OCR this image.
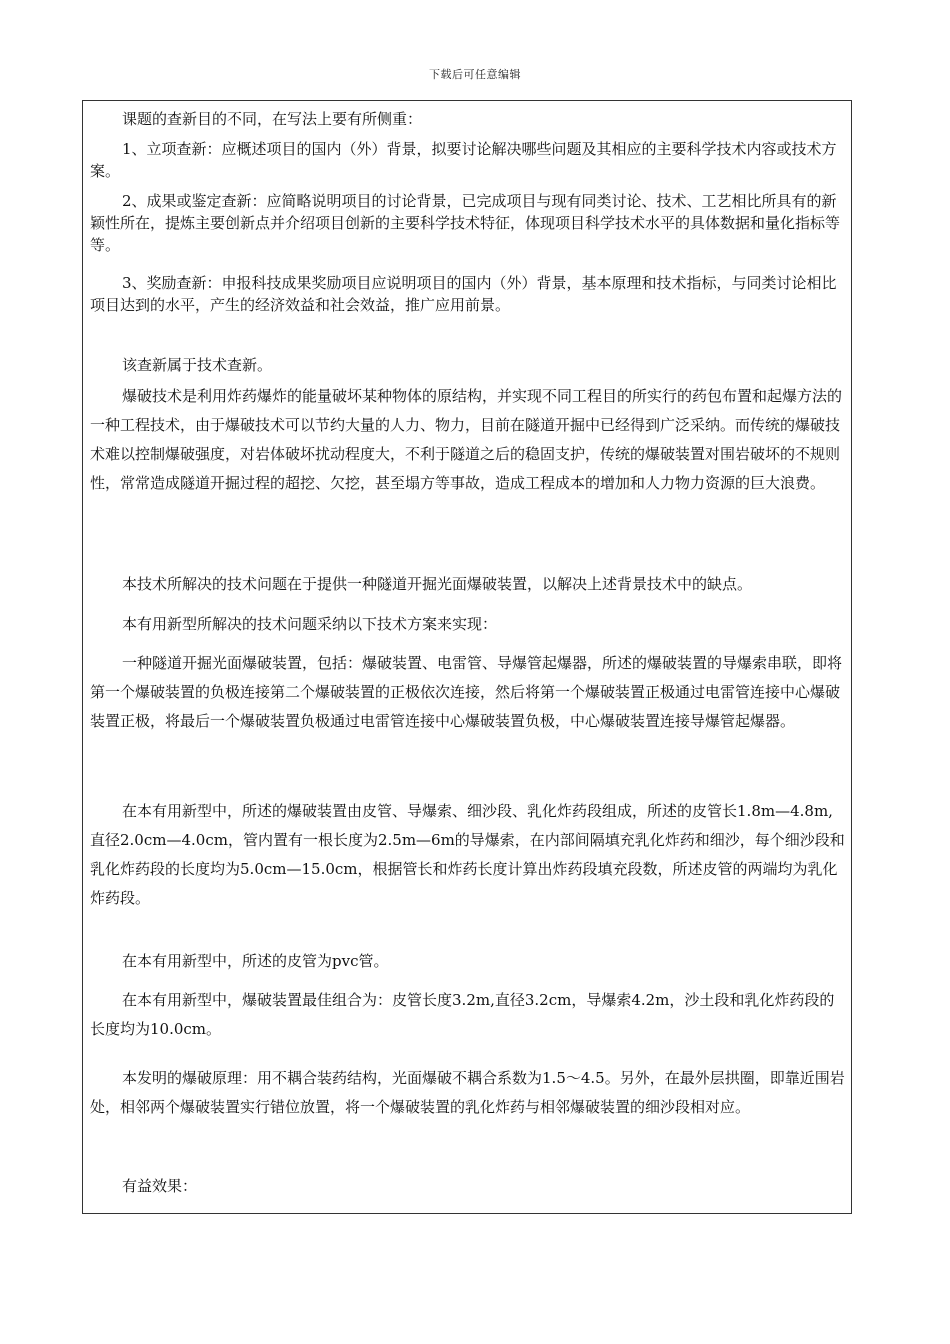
下载后可任意编辑

课题的查新目的不同，在写法上要有所侧重：

1、立项查新：应概述项目的国内（外）背景，拟要讨论解决哪些问题及其相应的主要科学技术内容或技术方案。

2、成果或鉴定查新：应简略说明项目的讨论背景，已完成项目与现有同类讨论、技术、工艺相比所具有的新颖性所在，提炼主要创新点并介绍项目创新的主要科学技术特征，体现项目科学技术水平的具体数据和量化指标等等。

3、奖励查新：申报科技成果奖励项目应说明项目的国内（外）背景，基本原理和技术指标，与同类讨论相比项目达到的水平，产生的经济效益和社会效益，推广应用前景。

该查新属于技术查新。

爆破技术是利用炸药爆炸的能量破坏某种物体的原结构，并实现不同工程目的所实行的药包布置和起爆方法的一种工程技术，由于爆破技术可以节约大量的人力、物力，目前在隧道开掘中已经得到广泛采纳。而传统的爆破技术难以控制爆破强度，对岩体破坏扰动程度大，不利于隧道之后的稳固支护，传统的爆破装置对围岩破坏的不规则性，常常造成隧道开掘过程的超挖、欠挖，甚至塌方等事故，造成工程成本的增加和人力物力资源的巨大浪费。

本技术所解决的技术问题在于提供一种隧道开掘光面爆破装置，以解决上述背景技术中的缺点。

本有用新型所解决的技术问题采纳以下技术方案来实现：

一种隧道开掘光面爆破装置，包括：爆破装置、电雷管、导爆管起爆器，所述的爆破装置的导爆索串联，即将第一个爆破装置的负极连接第二个爆破装置的正极依次连接，然后将第一个爆破装置正极通过电雷管连接中心爆破装置正极，将最后一个爆破装置负极通过电雷管连接中心爆破装置负极，中心爆破装置连接导爆管起爆器。

在本有用新型中，所述的爆破装置由皮管、导爆索、细沙段、乳化炸药段组成，所述的皮管长1.8m—4.8m, 直径2.0cm—4.0cm，管内置有一根长度为2.5m—6m的导爆索，在内部间隔填充乳化炸药和细沙，每个细沙段和乳化炸药段的长度均为5.0cm—15.0cm，根据管长和炸药长度计算出炸药段填充段数，所述皮管的两端均为乳化炸药段。

在本有用新型中，所述的皮管为pvc管。

在本有用新型中，爆破装置最佳组合为：皮管长度3.2m,直径3.2cm，导爆索4.2m，沙土段和乳化炸药段的长度均为10.0cm。

本发明的爆破原理：用不耦合装药结构，光面爆破不耦合系数为1.5～4.5。另外，在最外层拱圈，即靠近围岩处，相邻两个爆破装置实行错位放置，将一个爆破装置的乳化炸药与相邻爆破装置的细沙段相对应。

有益效果：
